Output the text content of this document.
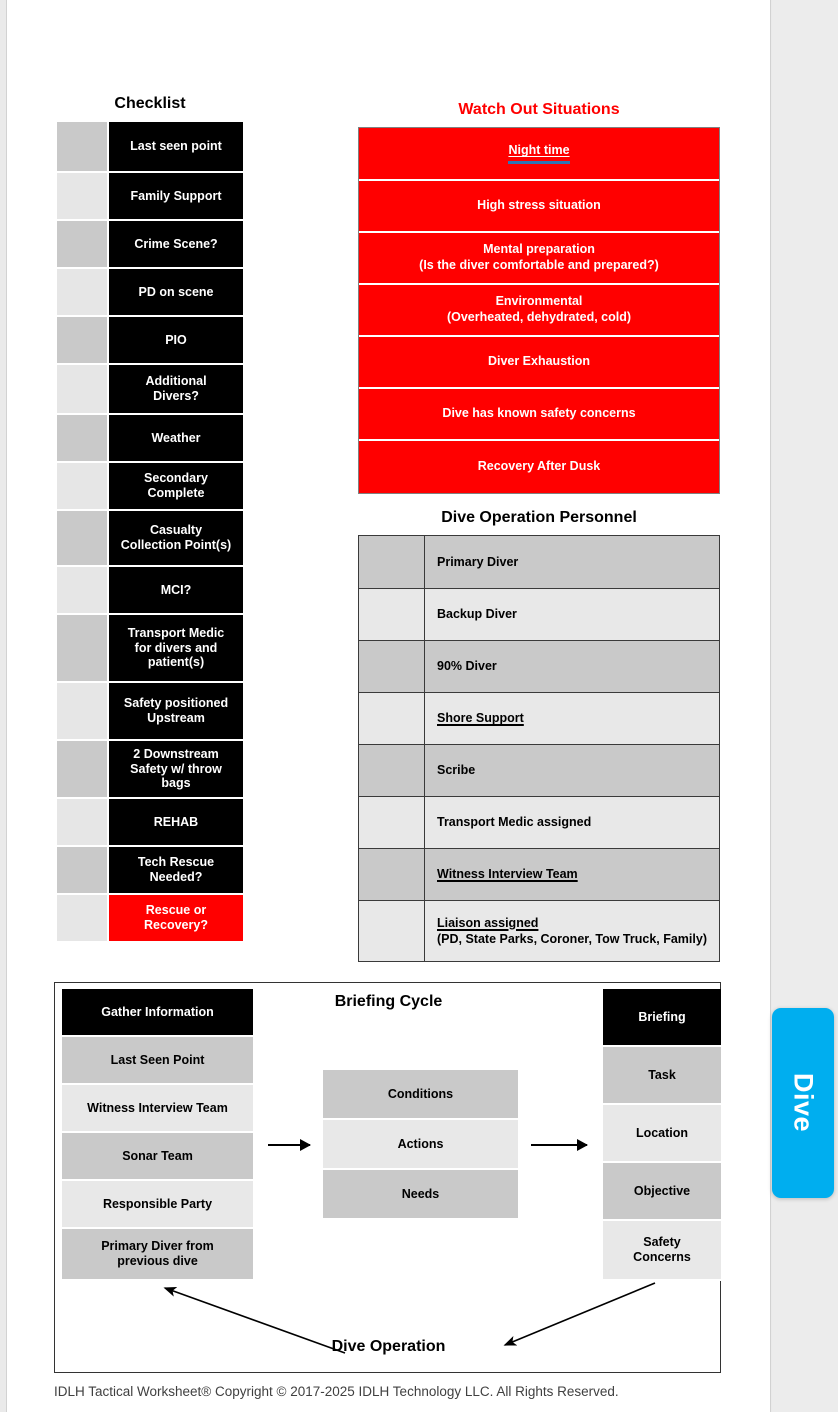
Checklist
Last seen point
Family Support
Crime Scene?
PD on scene
PIO
Additional
Divers?
Weather
Secondary
Complete
Casualty
Collection Point(s)
MCI?
Transport Medic
for divers and
patient(s)
Safety positioned
Upstream
2 Downstream
Safety w/ throw
bags
REHAB
Tech Rescue
Needed?
Rescue or
Recovery?
Watch Out Situations
Night time
High stress situation
Mental preparation
(Is the diver comfortable and prepared?)
Environmental
(Overheated, dehydrated, cold)
Diver Exhaustion
Dive has known safety concerns
Recovery After Dusk
Dive Operation Personnel
Primary Diver
Backup Diver
90% Diver
Shore Support
Scribe
Transport Medic assigned
Witness Interview Team
Liaison assigned
(PD, State Parks, Coroner, Tow Truck, Family)
Briefing Cycle
Gather Information
Last Seen Point
Witness Interview Team
Sonar Team
Responsible Party
Primary Diver from
previous dive
Conditions
Actions
Needs
Briefing
Task
Location
Objective
Safety
Concerns
Dive Operation
IDLH Tactical Worksheet® Copyright © 2017-2025 IDLH Technology LLC. All Rights Reserved.
Dive
